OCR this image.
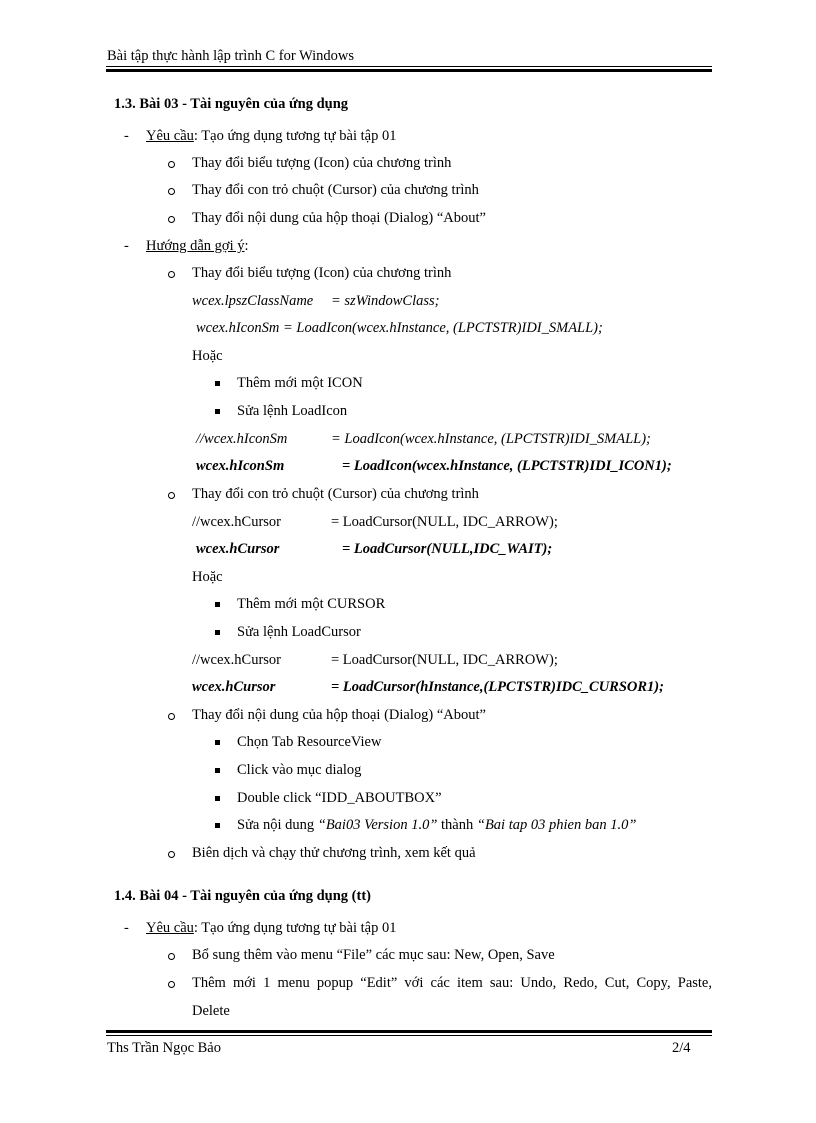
Bài tập thực hành lập trình C for Windows
1.3. Bài 03 - Tài nguyên của ứng dụng
- Yêu cầu: Tạo ứng dụng tương tự bài tập 01
Thay đổi biểu tượng (Icon) của chương trình
Thay đổi con trỏ chuột (Cursor) của chương trình
Thay đổi nội dung của hộp thoại (Dialog) “About”
- Hướng dẫn gợi ý:
Thay đổi biểu tượng (Icon) của chương trình
wcex.lpszClassName = szWindowClass;
wcex.hIconSm = LoadIcon(wcex.hInstance, (LPCTSTR)IDI_SMALL);
Hoặc
Thêm mới một ICON
Sửa lệnh LoadIcon
//wcex.hIconSm	= LoadIcon(wcex.hInstance, (LPCTSTR)IDI_SMALL);
wcex.hIconSm	= LoadIcon(wcex.hInstance, (LPCTSTR)IDI_ICON1);
Thay đổi con trỏ chuột (Cursor) của chương trình
//wcex.hCursor	= LoadCursor(NULL, IDC_ARROW);
wcex.hCursor	= LoadCursor(NULL,IDC_WAIT);
Hoặc
Thêm mới một CURSOR
Sửa lệnh LoadCursor
//wcex.hCursor	= LoadCursor(NULL, IDC_ARROW);
wcex.hCursor	= LoadCursor(hInstance,(LPCTSTR)IDC_CURSOR1);
Thay đổi nội dung của hộp thoại (Dialog) “About”
Chọn Tab ResourceView
Click vào mục dialog
Double click “IDD_ABOUTBOX”
Sửa nội dung “Bai03 Version 1.0” thành “Bai tap 03 phien ban 1.0”
Biên dịch và chạy thử chương trình, xem kết quả
1.4. Bài 04 - Tài nguyên của ứng dụng (tt)
- Yêu cầu: Tạo ứng dụng tương tự bài tập 01
Bổ sung thêm vào menu “File” các mục sau: New, Open, Save
Thêm mới 1 menu popup “Edit” với các item sau: Undo, Redo, Cut, Copy, Paste,
Delete
Ths Trần Ngọc Bảo	2/4
